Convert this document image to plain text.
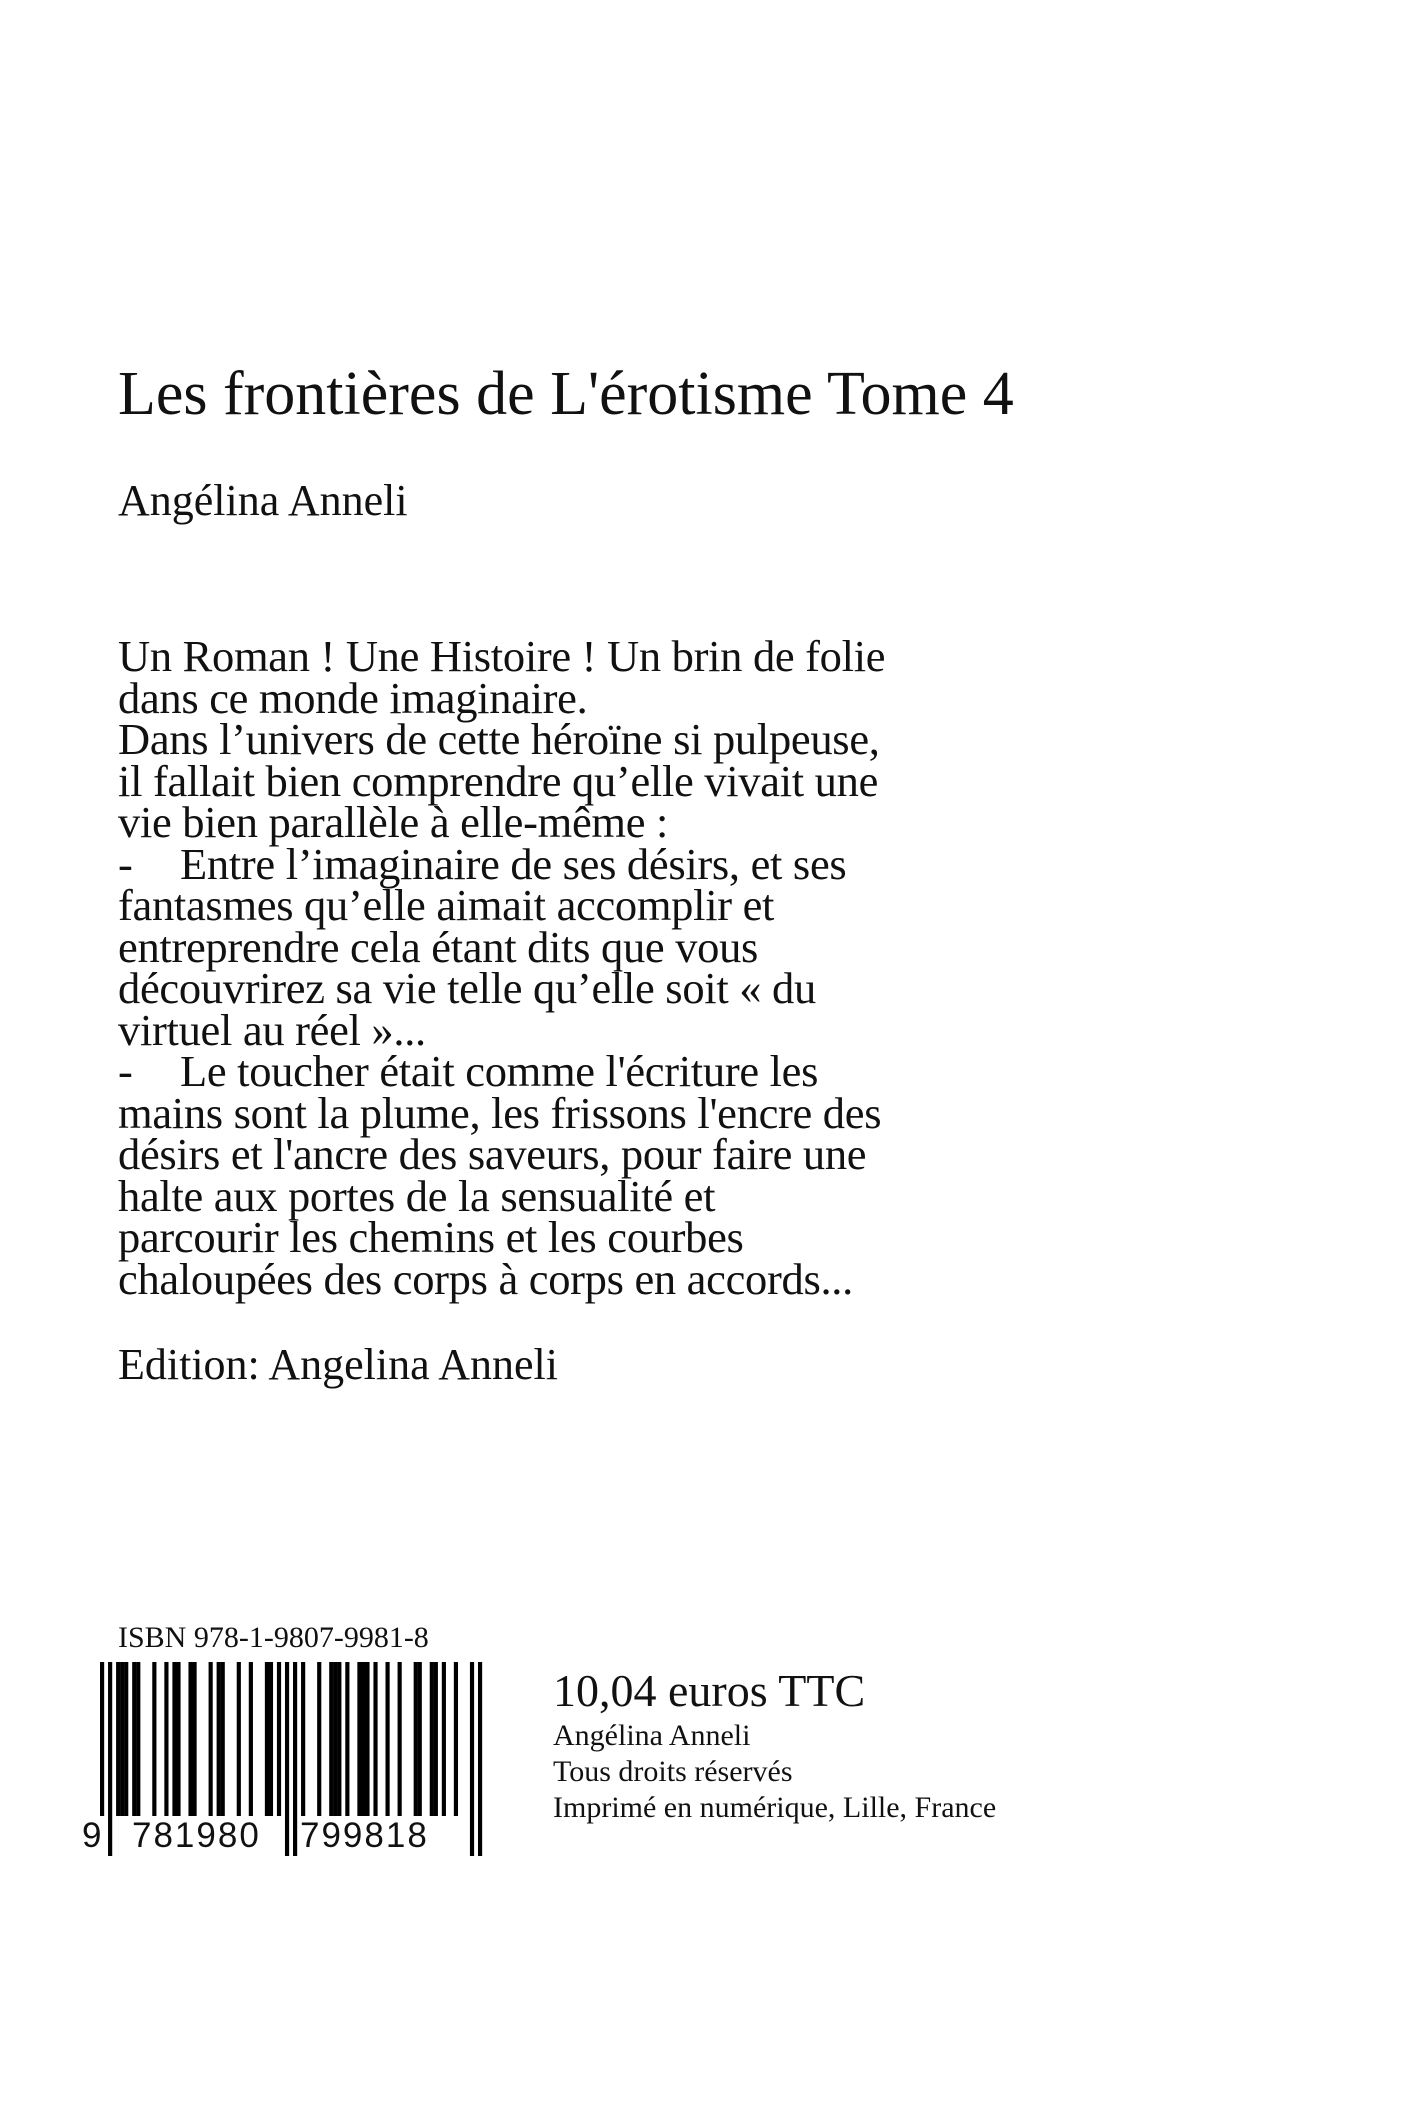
Les frontières de L'érotisme Tome 4
Angélina Anneli
Un Roman ! Une Histoire ! Un brin de folie
dans ce monde imaginaire.
Dans l’univers de cette héroïne si pulpeuse,
il fallait bien comprendre qu’elle vivait une
vie bien parallèle à elle-même :
- Entre l’imaginaire de ses désirs, et ses
fantasmes qu’elle aimait accomplir et
entreprendre cela étant dits que vous
découvrirez sa vie telle qu’elle soit « du
virtuel au réel »...
- Le toucher était comme l'écriture les
mains sont la plume, les frissons l'encre des
désirs et l'ancre des saveurs, pour faire une
halte aux portes de la sensualité et
parcourir les chemins et les courbes
chaloupées des corps à corps en accords...
Edition: Angelina Anneli
ISBN 978-1-9807-9981-8
9 781980 799818
10,04 euros TTC
Angélina Anneli
Tous droits réservés
Imprimé en numérique, Lille, France
